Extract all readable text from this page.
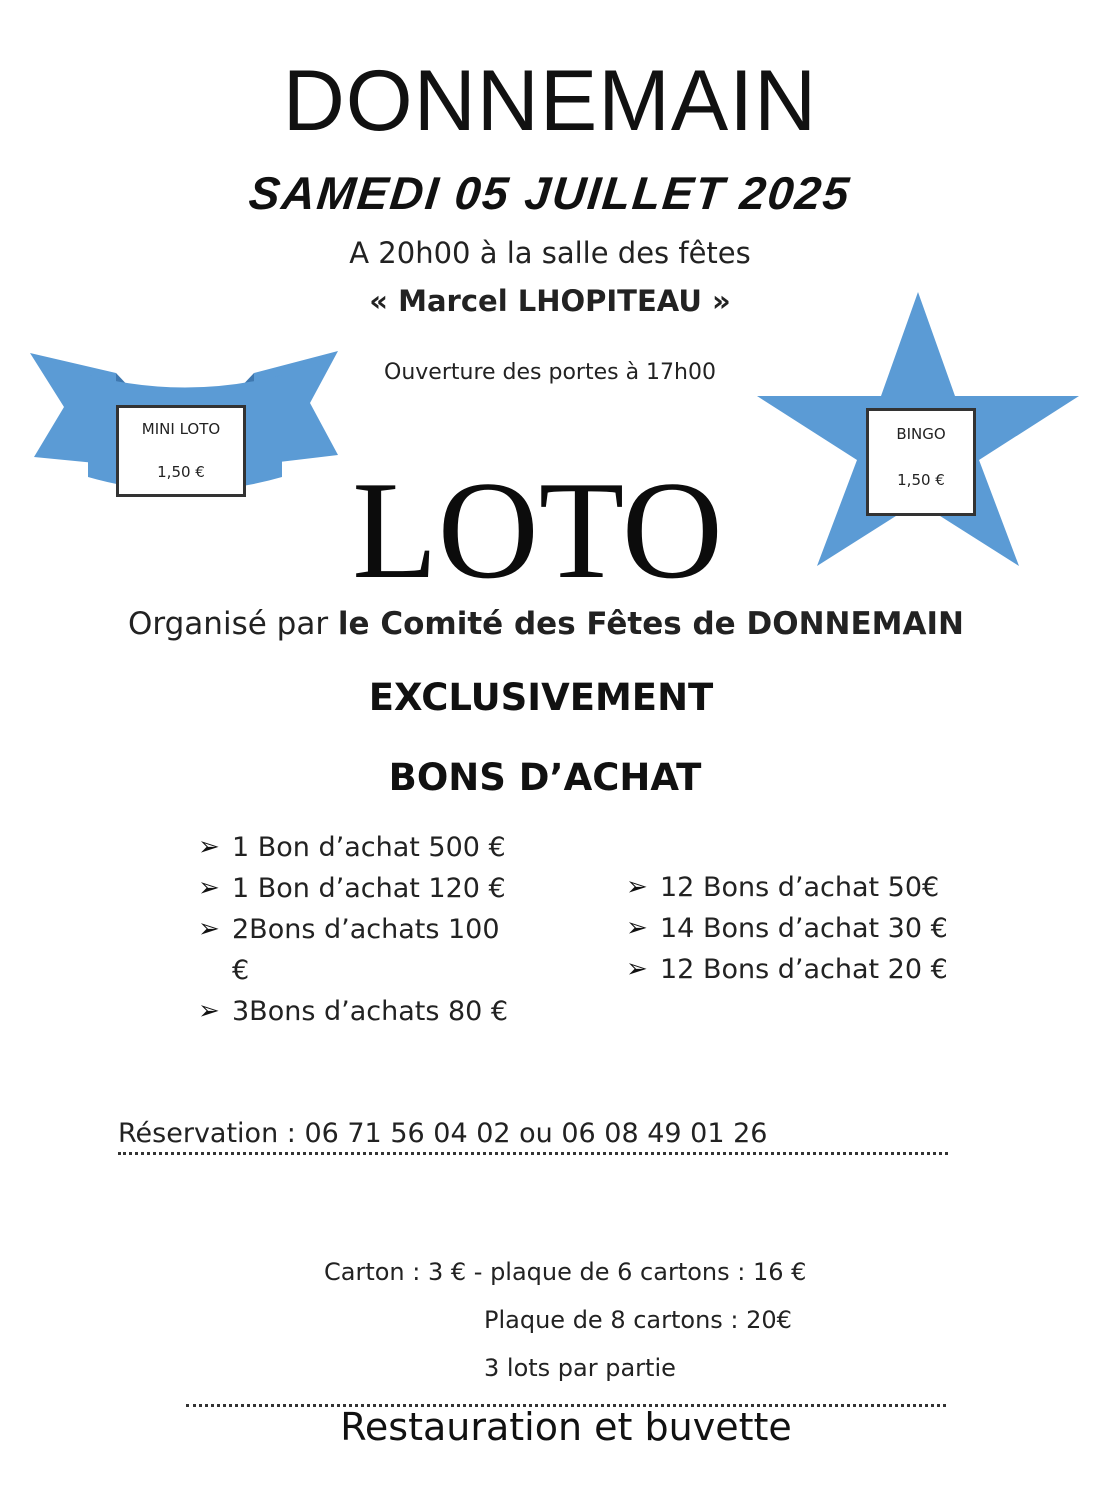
MINI LOTO
1,50 €
BINGO
1,50 €
DONNEMAIN
SAMEDI 05 JUILLET 2025
A 20h00 à la salle des fêtes
« Marcel LHOPITEAU »
Ouverture des portes à 17h00
LOTO
Organisé par le Comité des Fêtes de DONNEMAIN
EXCLUSIVEMENT
BONS D’ACHAT
➢ 1 Bon d’achat 500 €
➢ 1 Bon d’achat 120 €
➢ 2Bons d’achats 100 €
➢ 3Bons d’achats 80 €
➢ 12 Bons d’achat 50€
➢ 14 Bons d’achat 30 €
➢ 12 Bons d’achat 20 €
Réservation : 06 71 56 04 02 ou 06 08 49 01 26
Carton : 3 € - plaque de 6 cartons : 16 €
Plaque de 8 cartons : 20€
3 lots par partie
Restauration et buvette
